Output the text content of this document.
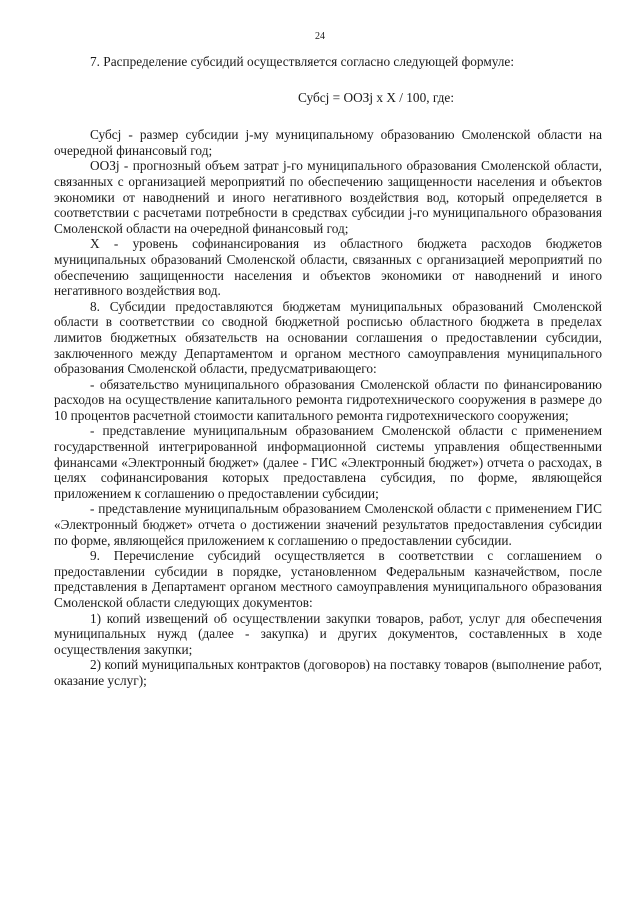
24

7. Распределение субсидий осуществляется согласно следующей формуле:

Субсj = ООЗj x X / 100, где:

Субсj - размер субсидии j-му муниципальному образованию Смоленской области на очередной финансовый год;

ООЗj - прогнозный объем затрат j-го муниципального образования Смоленской области, связанных с организацией мероприятий по обеспечению защищенности населения и объектов экономики от наводнений и иного негативного воздействия вод, который определяется в соответствии с расчетами потребности в средствах субсидии j-го муниципального образования Смоленской области на очередной финансовый год;

X - уровень софинансирования из областного бюджета расходов бюджетов муниципальных образований Смоленской области, связанных с организацией мероприятий по обеспечению защищенности населения и объектов экономики от наводнений и иного негативного воздействия вод.

8. Субсидии предоставляются бюджетам муниципальных образований Смоленской области в соответствии со сводной бюджетной росписью областного бюджета в пределах лимитов бюджетных обязательств на основании соглашения о предоставлении субсидии, заключенного между Департаментом и органом местного самоуправления муниципального образования Смоленской области, предусматривающего:

- обязательство муниципального образования Смоленской области по финансированию расходов на осуществление капитального ремонта гидротехнического сооружения в размере до 10 процентов расчетной стоимости капитального ремонта гидротехнического сооружения;

- представление муниципальным образованием Смоленской области с применением государственной интегрированной информационной системы управления общественными финансами «Электронный бюджет» (далее - ГИС «Электронный бюджет») отчета о расходах, в целях софинансирования которых предоставлена субсидия, по форме, являющейся приложением к соглашению о предоставлении субсидии;

- представление муниципальным образованием Смоленской области с применением ГИС «Электронный бюджет» отчета о достижении значений результатов предоставления субсидии по форме, являющейся приложением к соглашению о предоставлении субсидии.

9. Перечисление субсидий осуществляется в соответствии с соглашением о предоставлении субсидии в порядке, установленном Федеральным казначейством, после представления в Департамент органом местного самоуправления муниципального образования Смоленской области следующих документов:

1) копий извещений об осуществлении закупки товаров, работ, услуг для обеспечения муниципальных нужд (далее - закупка) и других документов, составленных в ходе осуществления закупки;

2) копий муниципальных контрактов (договоров) на поставку товаров (выполнение работ, оказание услуг);
